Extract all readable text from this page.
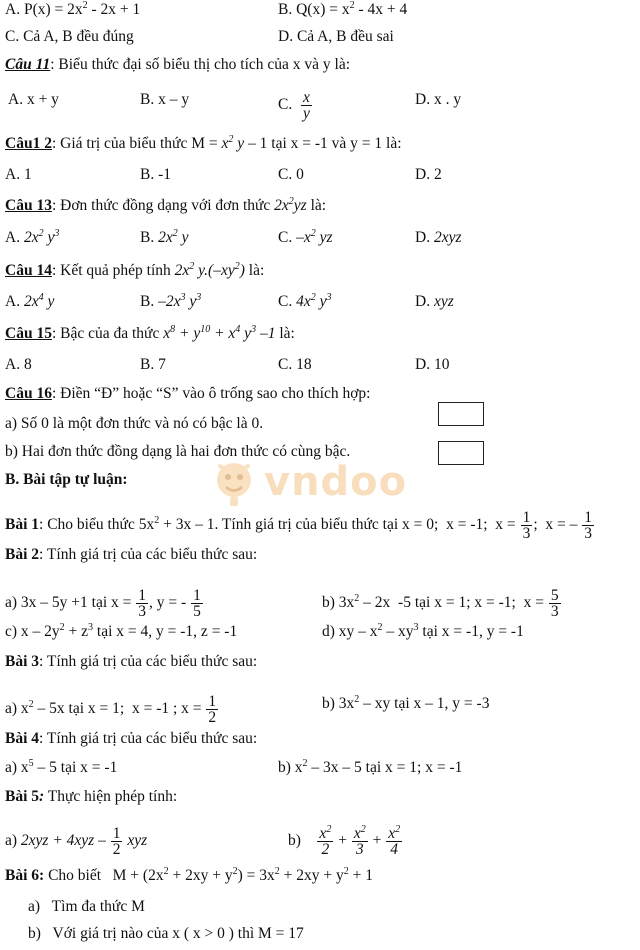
A. $P(x) = 2x^2 - 2x + 1$	B. $Q(x) = x^2 - 4x + 4$
C. Cả A, B đều đúng	D. Cả A, B đều sai
Câu 11: Biểu thức đại số biểu thị cho tích của x và y là:
A. x + y	B. x – y	C. $\frac{x}{y}$	D. x . y
Câu1 2: Giá trị của biểu thức $M = x^2$ y – 1 tại x = -1 và y = 1 là:
A. 1	B. -1	C. 0	D. 2
Câu 13: Đơn thức đồng dạng với đơn thức $2x^2yz$ là:
A. $2x^2$ $y^3$	B. $2x^2$ y	C. $-x^2$ yz	D. 2xyz
Câu 14: Kết quả phép tính $2x^2$ $y.(-xy^2)$ là:
A. $2x^4$ y	B. $-2x^3$ $y^3$	C. $4x^2$ $y^3$	D. xyz
Câu 15: Bậc của đa thức $x^8 + y^{10} + x^4$ $y^3$ –1 là:
A. 8	B. 7	C. 18	D. 10
Câu 16: Điền “Đ” hoặc “S” vào ô trống sao cho thích hợp:
a) Số 0 là một đơn thức và nó có bậc là 0.
b) Hai đơn thức đồng dạng là hai đơn thức có cùng bậc.
B. Bài tập tự luận:
Bài 1: Cho biểu thức $5x^2 + 3x - 1$. Tính giá trị của biểu thức tại x = 0;  x = -1;  $x = \frac{1}{3}$ ;  x = – $\frac{1}{3}$
Bài 2: Tính giá trị của các biểu thức sau:
a) 3x – 5y +1 tại $x = \frac{1}{3}$ , y = - $\frac{1}{5}$	b) $3x^2 - 2x$  -5 tại x = 1; x = -1;  $x = \frac{5}{3}$
c) $x - 2y^2 + z^3$ tại x = 4, y = -1, z = -1	d) xy – $x^2 - xy^3$ tại x = -1, y = -1
Bài 3: Tính giá trị của các biểu thức sau:
a) $x^2 - 5x$ tại x = 1;  x = -1 ; $x = \frac{1}{2}$	b) $3x^2$ – xy tại x – 1, y = -3
Bài 4: Tính giá trị của các biểu thức sau:
a) $x^5 - 5$ tại x = -1	b) $x^2 - 3x - 5$ tại x = 1; x = -1
Bài 5: Thực hiện phép tính:
a) $2xyz + 4xyz - \frac{1}{2}$ xyz	$b) \frac{x^2}{2} + \frac{x^2}{3} + \frac{x^2}{4}$
Bài 6: Cho biết   $M + (2x^2 + 2xy + y^2) = 3x^2 + 2xy + y^2 + 1$
a)   Tìm đa thức M
b)   Với giá trị nào của x ( x > 0 ) thì M = 17
vndoo
